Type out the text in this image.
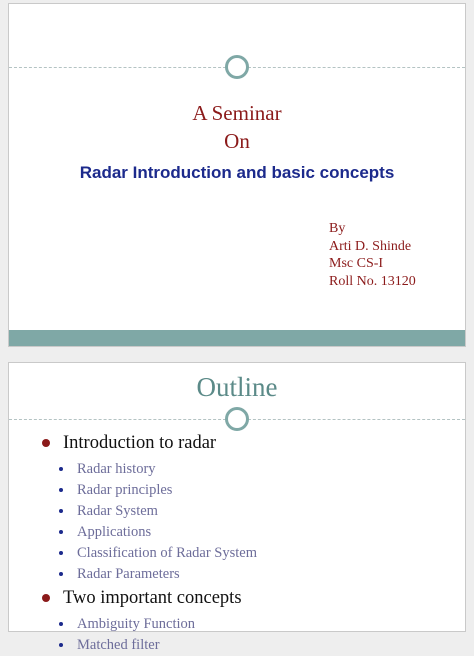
A Seminar
On
Radar Introduction and basic concepts
By
Arti D. Shinde
Msc CS-I
Roll No. 13120
Outline
Introduction to radar
Radar history
Radar principles
Radar System
Applications
Classification of Radar System
Radar Parameters
Two important concepts
Ambiguity Function
Matched filter
